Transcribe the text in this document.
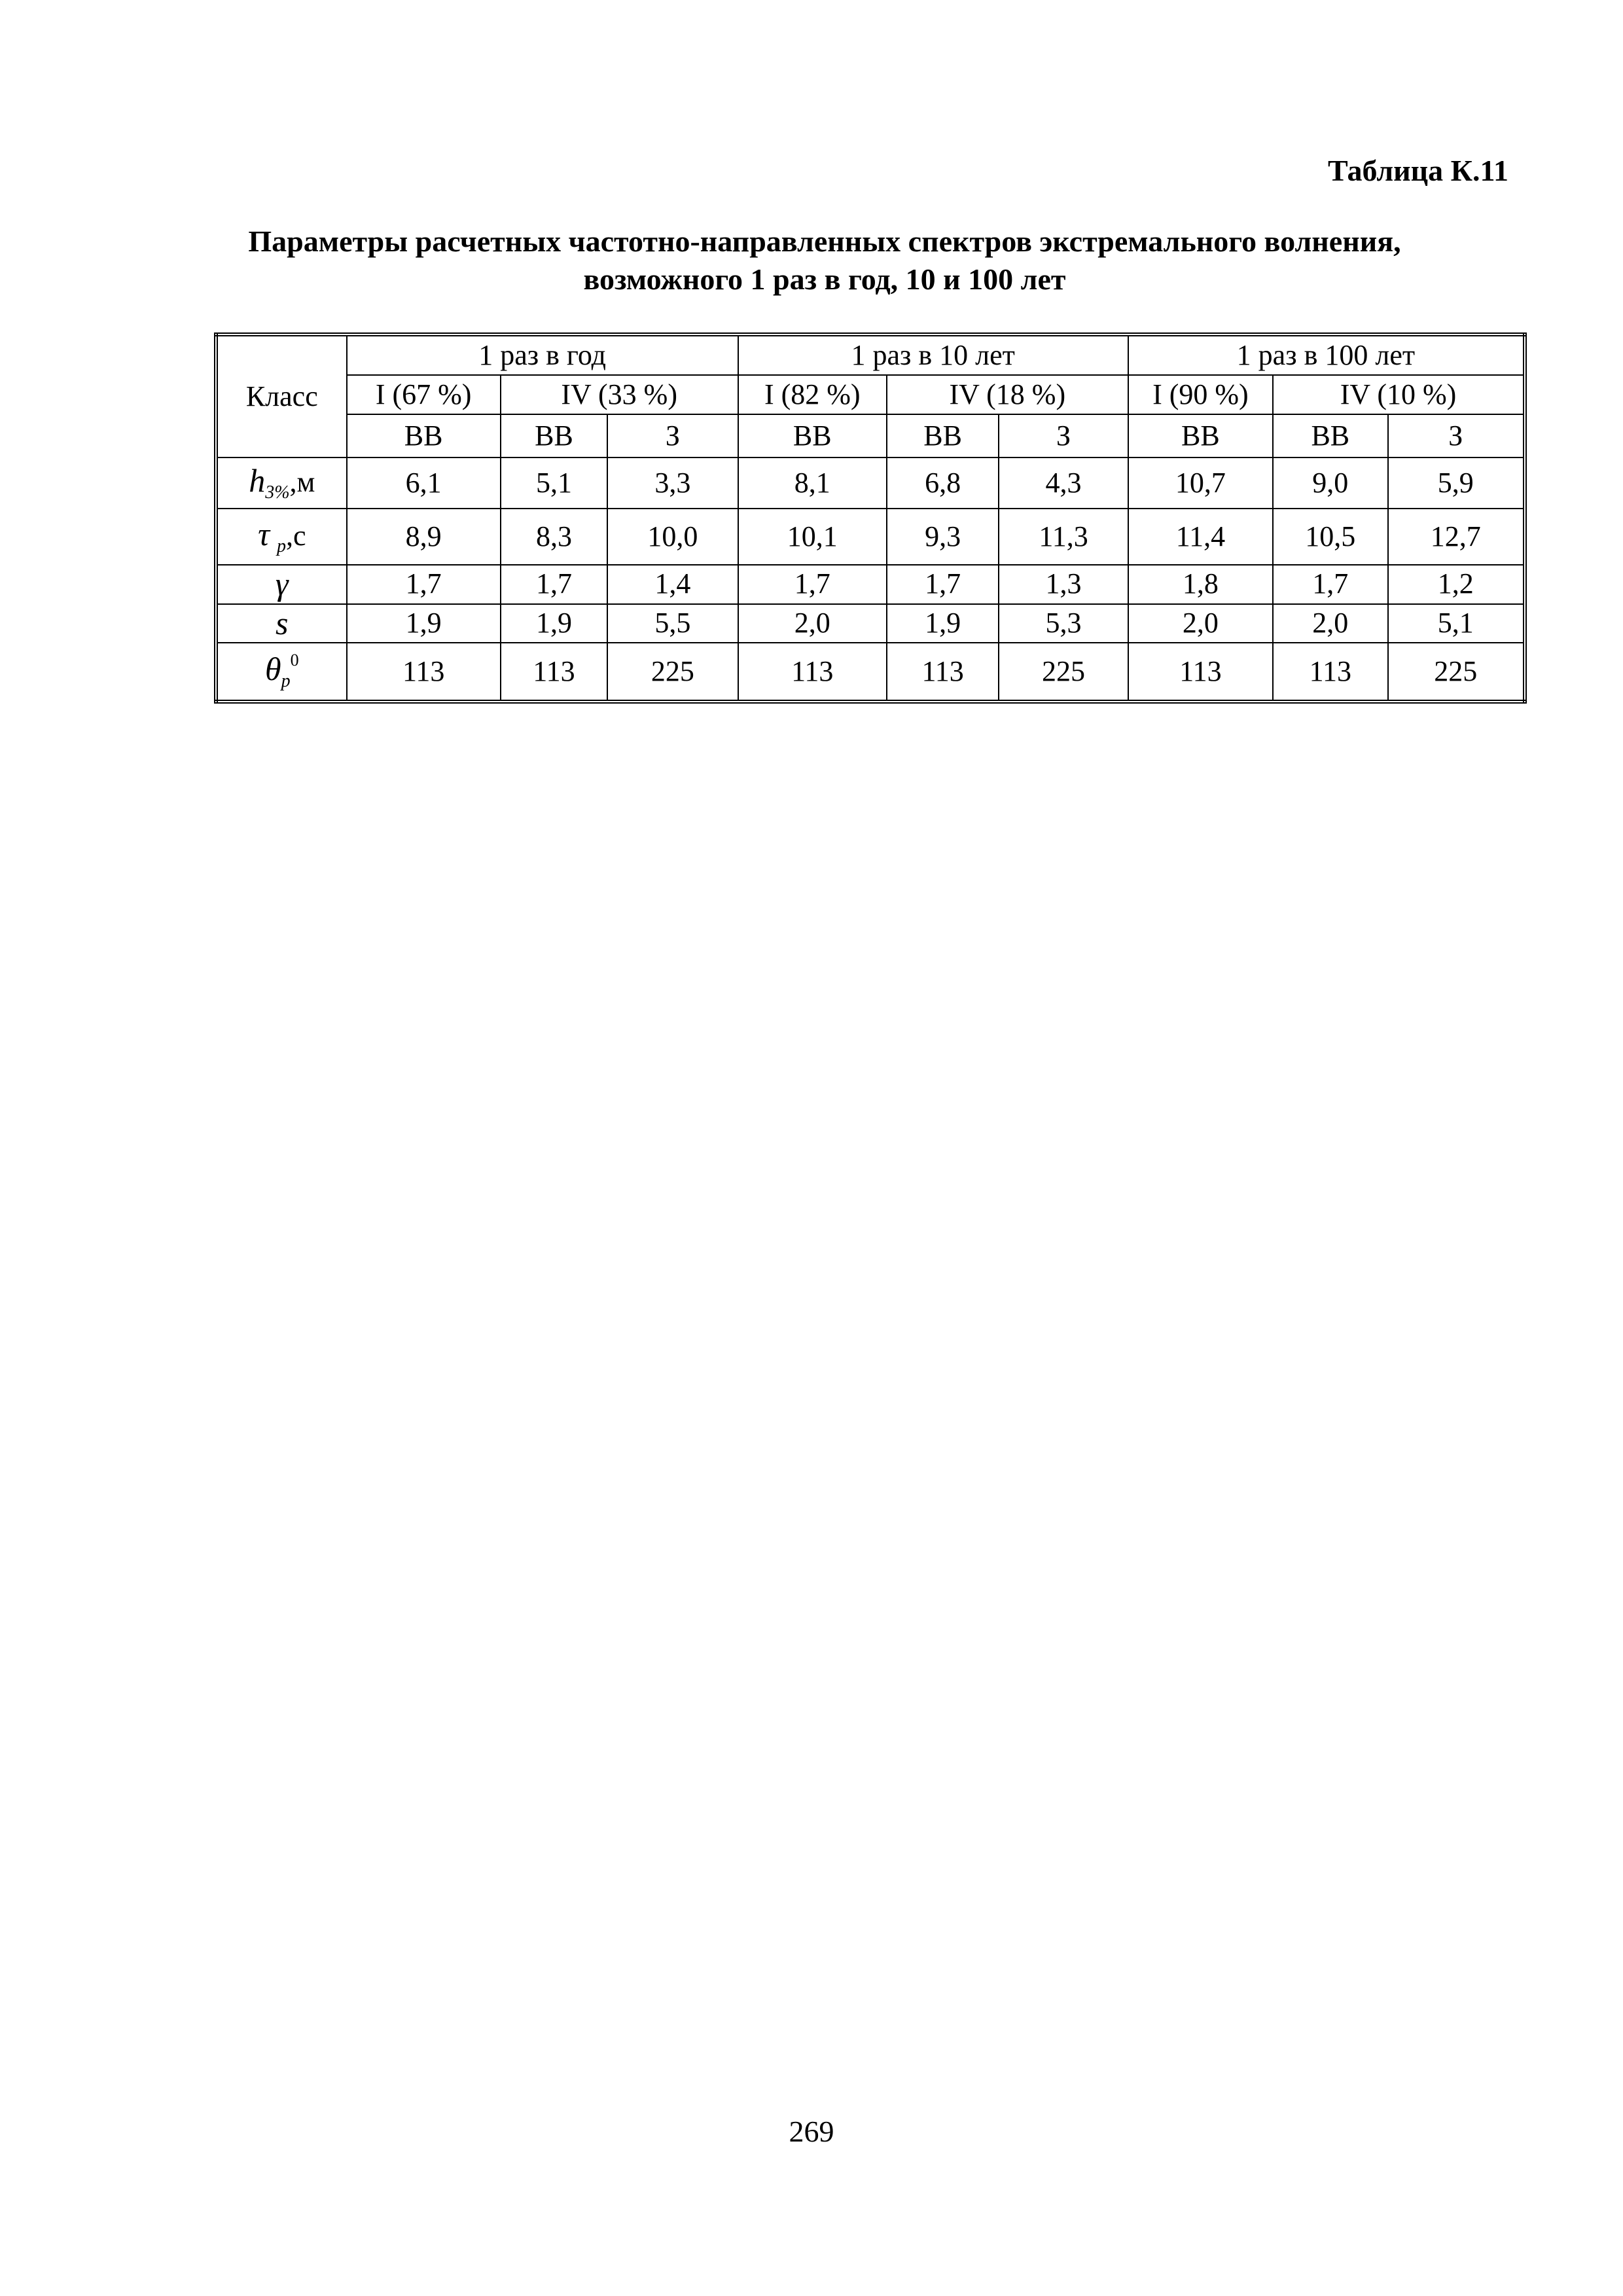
Таблица К.11
Параметры расчетных частотно-направленных спектров экстремального волнения,
возможного 1 раз в год, 10 и 100 лет
Класс	1 раз в год			1 раз в 10 лет			1 раз в 100 лет		
	I (67 %)	IV (33 %)		I (82 %)	IV (18 %)		I (90 %)	IV (10 %)	
	ВВ	ВВ	З	ВВ	ВВ	З	ВВ	ВВ	З
$h_{3\%},м$	6,1	5,1	3,3	8,1	6,8	4,3	10,7	9,0	5,9
τ $_p$,с	8,9	8,3	10,0	10,1	9,3	11,3	11,4	10,5	12,7
γ	1,7	1,7	1,4	1,7	1,7	1,3	1,8	1,7	1,2
s	1,9	1,9	5,5	2,0	1,9	5,3	2,0	2,0	5,1
$\theta_p^0$	113	113	225	113	113	225	113	113	225
269
